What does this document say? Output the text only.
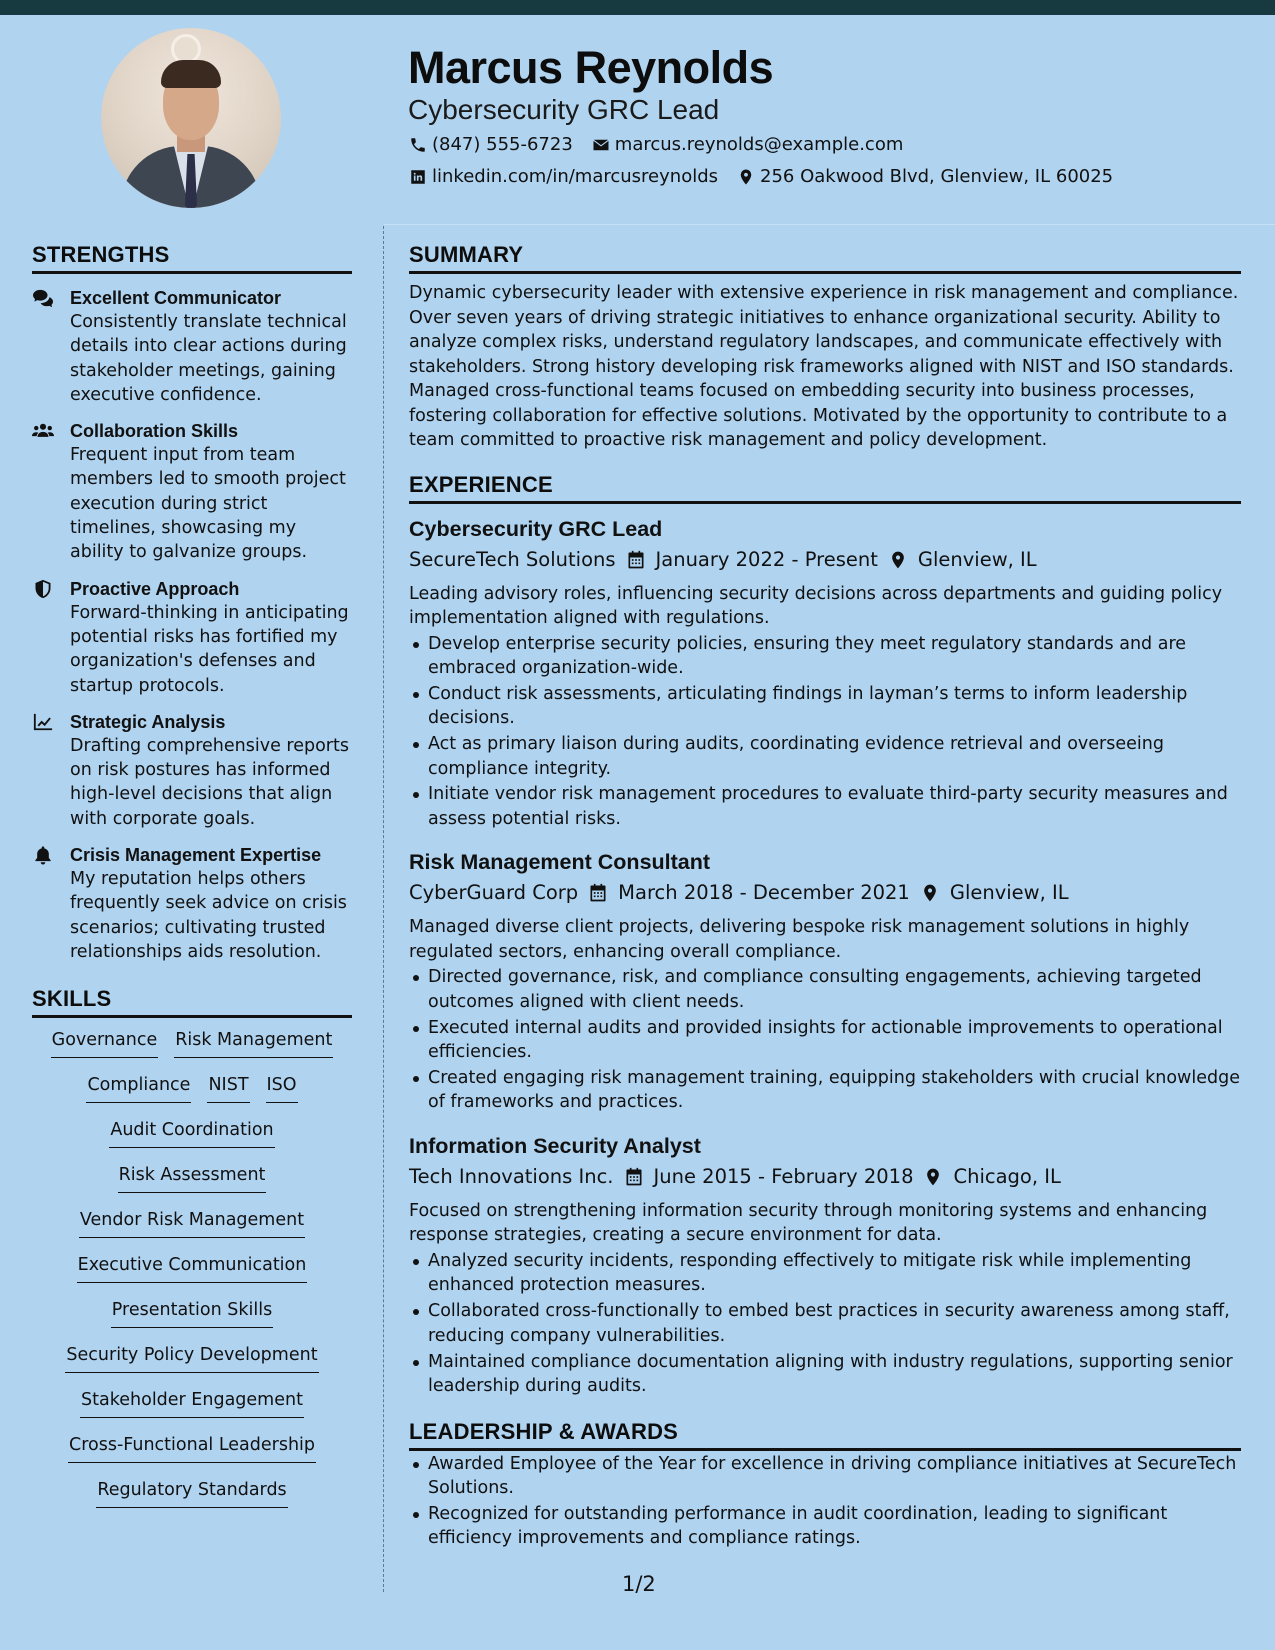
Marcus Reynolds
Cybersecurity GRC Lead
(847) 555-6723 marcus.reynolds@example.com
linkedin.com/in/marcusreynolds 256 Oakwood Blvd, Glenview, IL 60025
STRENGTHS
Excellent Communicator
Consistently translate technical details into clear actions during stakeholder meetings, gaining executive confidence.
Collaboration Skills
Frequent input from team members led to smooth project execution during strict timelines, showcasing my ability to galvanize groups.
Proactive Approach
Forward-thinking in anticipating potential risks has fortified my organization's defenses and startup protocols.
Strategic Analysis
Drafting comprehensive reports on risk postures has informed high-level decisions that align with corporate goals.
Crisis Management Expertise
My reputation helps others frequently seek advice on crisis scenarios; cultivating trusted relationships aids resolution.
SKILLS
Governance Risk Management
Compliance NIST ISO
Audit Coordination
Risk Assessment
Vendor Risk Management
Executive Communication
Presentation Skills
Security Policy Development
Stakeholder Engagement
Cross-Functional Leadership
Regulatory Standards
SUMMARY
Dynamic cybersecurity leader with extensive experience in risk management and compliance. Over seven years of driving strategic initiatives to enhance organizational security. Ability to analyze complex risks, understand regulatory landscapes, and communicate effectively with stakeholders. Strong history developing risk frameworks aligned with NIST and ISO standards. Managed cross-functional teams focused on embedding security into business processes, fostering collaboration for effective solutions. Motivated by the opportunity to contribute to a team committed to proactive risk management and policy development.
EXPERIENCE
Cybersecurity GRC Lead
SecureTech Solutions January 2022 - Present Glenview, IL
Leading advisory roles, influencing security decisions across departments and guiding policy implementation aligned with regulations.
Develop enterprise security policies, ensuring they meet regulatory standards and are embraced organization-wide.
Conduct risk assessments, articulating findings in layman’s terms to inform leadership decisions.
Act as primary liaison during audits, coordinating evidence retrieval and overseeing compliance integrity.
Initiate vendor risk management procedures to evaluate third-party security measures and assess potential risks.
Risk Management Consultant
CyberGuard Corp March 2018 - December 2021 Glenview, IL
Managed diverse client projects, delivering bespoke risk management solutions in highly regulated sectors, enhancing overall compliance.
Directed governance, risk, and compliance consulting engagements, achieving targeted outcomes aligned with client needs.
Executed internal audits and provided insights for actionable improvements to operational efficiencies.
Created engaging risk management training, equipping stakeholders with crucial knowledge of frameworks and practices.
Information Security Analyst
Tech Innovations Inc. June 2015 - February 2018 Chicago, IL
Focused on strengthening information security through monitoring systems and enhancing response strategies, creating a secure environment for data.
Analyzed security incidents, responding effectively to mitigate risk while implementing enhanced protection measures.
Collaborated cross-functionally to embed best practices in security awareness among staff, reducing company vulnerabilities.
Maintained compliance documentation aligning with industry regulations, supporting senior leadership during audits.
LEADERSHIP & AWARDS
Awarded Employee of the Year for excellence in driving compliance initiatives at SecureTech Solutions.
Recognized for outstanding performance in audit coordination, leading to significant efficiency improvements and compliance ratings.
1/2
